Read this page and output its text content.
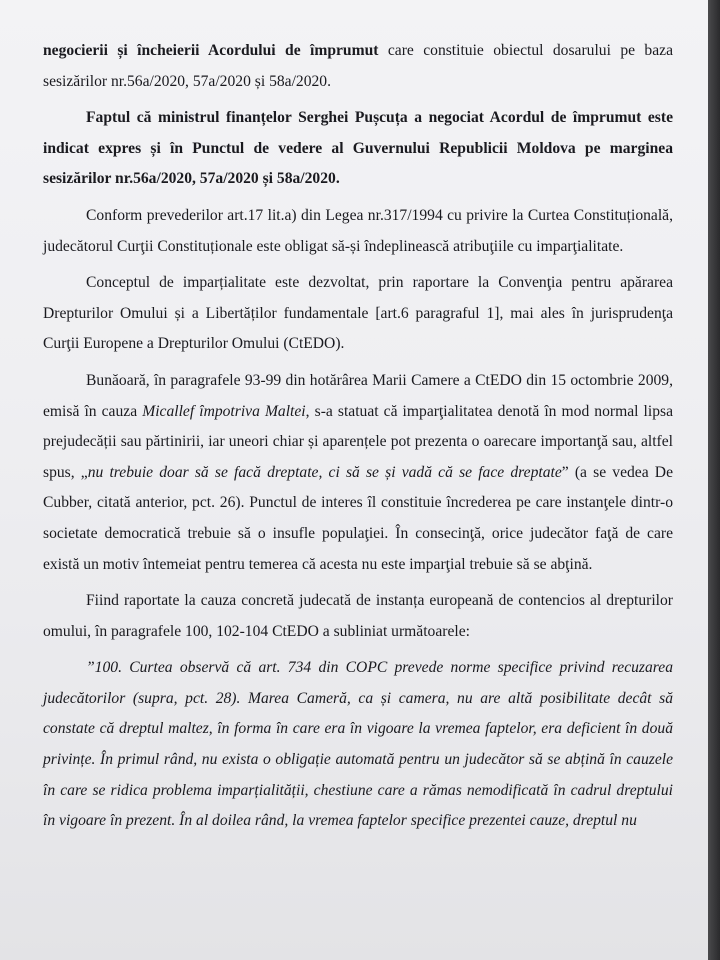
negocierii și încheierii Acordului de împrumut care constituie obiectul dosarului pe baza sesizărilor nr.56a/2020, 57a/2020 și 58a/2020.

Faptul că ministrul finanțelor Serghei Pușcuța a negociat Acordul de împrumut este indicat expres și în Punctul de vedere al Guvernului Republicii Moldova pe marginea sesizărilor nr.56a/2020, 57a/2020 și 58a/2020.

Conform prevederilor art.17 lit.a) din Legea nr.317/1994 cu privire la Curtea Constituțională, judecătorul Curţii Constituționale este obligat să-și îndeplinească atribuţiile cu imparţialitate.

Conceptul de imparțialitate este dezvoltat, prin raportare la Convenţia pentru apărarea Drepturilor Omului și a Libertăților fundamentale [art.6 paragraful 1], mai ales în jurisprudenţa Curţii Europene a Drepturilor Omului (CtEDO).

Bunăoară, în paragrafele 93-99 din hotărârea Marii Camere a CtEDO din 15 octombrie 2009, emisă în cauza Micallef împotriva Maltei, s-a statuat că imparţialitatea denotă în mod normal lipsa prejudecății sau părtinirii, iar uneori chiar și aparențele pot prezenta o oarecare importanţă sau, altfel spus, „nu trebuie doar să se facă dreptate, ci să se și vadă că se face dreptate” (a se vedea De Cubber, citată anterior, pct. 26). Punctul de interes îl constituie încrederea pe care instanţele dintr-o societate democratică trebuie să o insufle populaţiei. În consecinţă, orice judecător faţă de care există un motiv întemeiat pentru temerea că acesta nu este imparţial trebuie să se abţină.

Fiind raportate la cauza concretă judecată de instanța europeană de contencios al drepturilor omului, în paragrafele 100, 102-104 CtEDO a subliniat următoarele:

”100. Curtea observă că art. 734 din COPC prevede norme specifice privind recuzarea judecătorilor (supra, pct. 28). Marea Cameră, ca și camera, nu are altă posibilitate decât să constate că dreptul maltez, în forma în care era în vigoare la vremea faptelor, era deficient în două privințe. În primul rând, nu exista o obligație automată pentru un judecător să se abțină în cauzele în care se ridica problema imparțialității, chestiune care a rămas nemodificată în cadrul dreptului în vigoare în prezent. În al doilea rând, la vremea faptelor specifice prezentei cauze, dreptul nu
